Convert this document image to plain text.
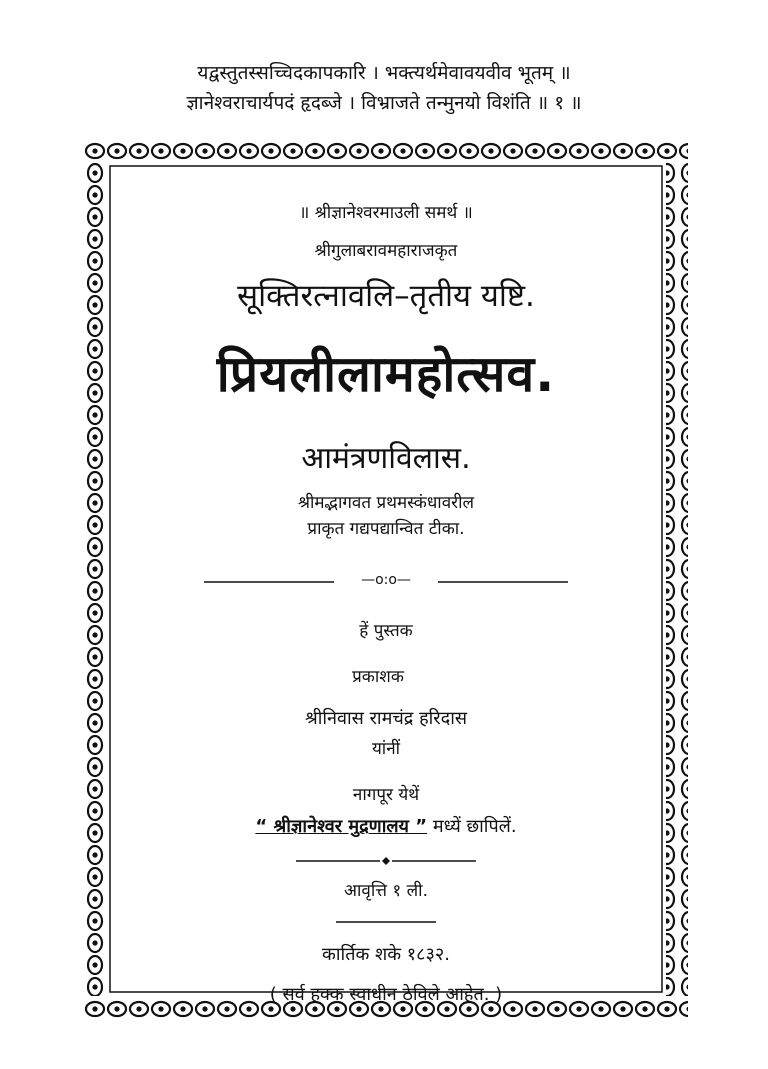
यद्वस्तुतस्सच्चिदकापकारि । भक्त्यर्थमेवावयवीव भूतम् ॥
ज्ञानेश्वराचार्यपदं हृदब्जे । विभ्राजते तन्मुनयो विशंति ॥ १ ॥
॥ श्रीज्ञानेश्वरमाउली समर्थ ॥
श्रीगुलाबरावमहाराजकृत
सूक्तिरत्नावलि–तृतीय यष्टि.
प्रियलीलामहोत्सव.
आमंत्रणविलास.
श्रीमद्भागवत प्रथमस्कंधावरील
प्राकृत गद्यपद्यान्वित टीका.
—o:o—
हें पुस्तक
प्रकाशक
श्रीनिवास रामचंद्र हरिदास
यांनीं
नागपूर येथें
“ श्रीज्ञानेश्वर मुद्रणालय ” मध्यें छापिलें.
आवृत्ति १ ली.
कार्तिक शके १८३२.
( सर्व हक्क स्वाधीन ठेविले आहेत. )
